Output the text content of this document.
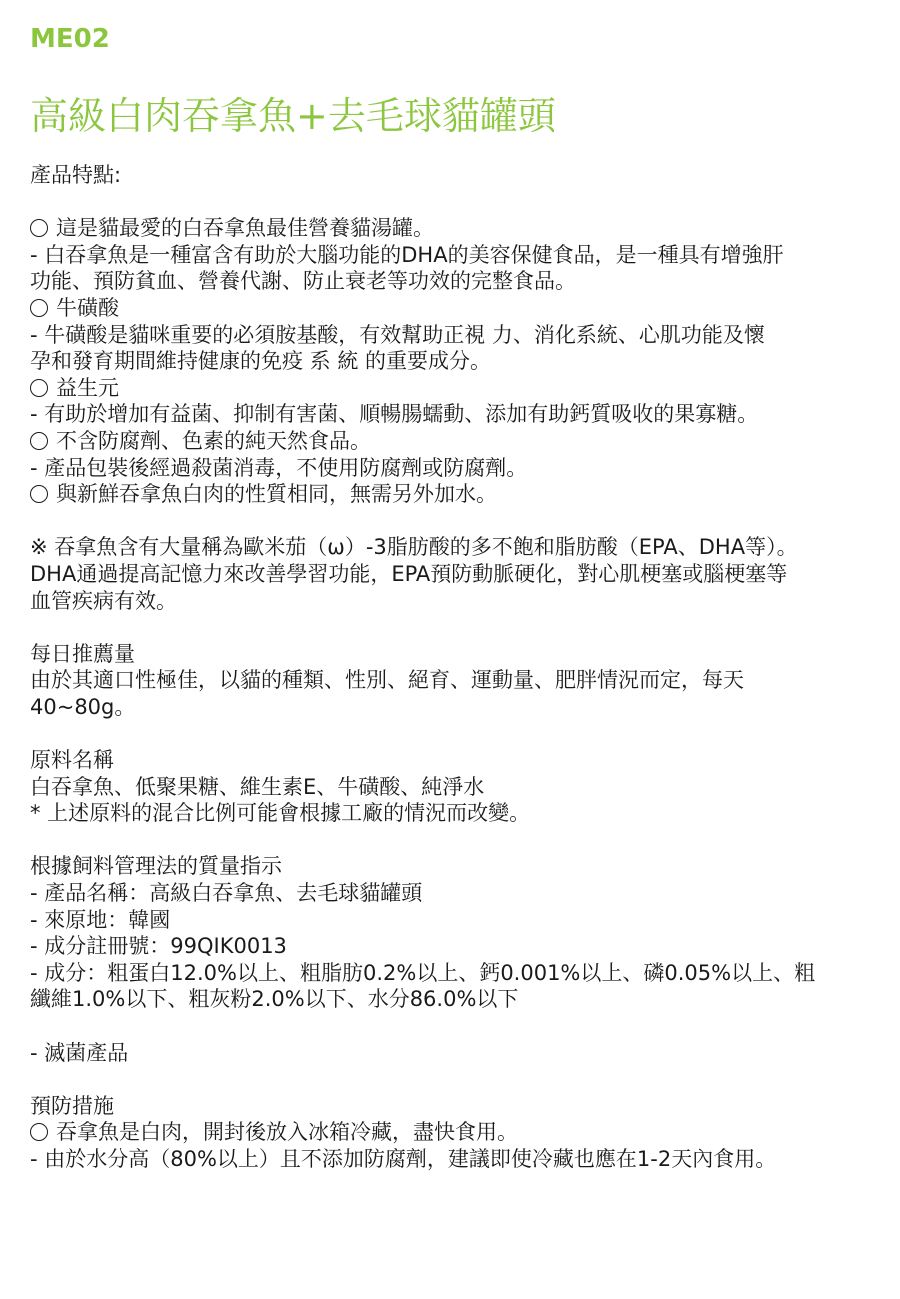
ME02
高級白肉吞拿魚+去毛球貓罐頭
產品特點:
這是貓最愛的白吞拿魚最佳營養貓湯罐。
- 白吞拿魚是一種富含有助於大腦功能的DHA的美容保健食品，是一種具有增強肝
功能、預防貧血、營養代謝、防止衰老等功效的完整食品。
牛磺酸
- 牛磺酸是貓咪重要的必須胺基酸，有效幫助正視 力、消化系統、心肌功能及懷
孕和發育期間維持健康的免疫 系 統 的重要成分。
益生元
- 有助於增加有益菌、抑制有害菌、順暢腸蠕動、添加有助鈣質吸收的果寡糖。
不含防腐劑、色素的純天然食品。
- 產品包裝後經過殺菌消毒，不使用防腐劑或防腐劑。
與新鮮吞拿魚白肉的性質相同，無需另外加水。
※ 吞拿魚含有大量稱為歐米茄（ω）-3脂肪酸的多不飽和脂肪酸（EPA、DHA等）。
DHA通過提高記憶力來改善學習功能，EPA預防動脈硬化，對心肌梗塞或腦梗塞等
血管疾病有效。
每日推薦量
由於其適口性極佳，以貓的種類、性別、絕育、運動量、肥胖情況而定，每天
40~80g。
原料名稱
白吞拿魚、低聚果糖、維生素E、牛磺酸、純淨水
* 上述原料的混合比例可能會根據工廠的情況而改變。
根據飼料管理法的質量指示
- 產品名稱：高級白吞拿魚、去毛球貓罐頭
- 來原地：韓國
- 成分註冊號：99QIK0013
- 成分：粗蛋白12.0%以上、粗脂肪0.2%以上、鈣0.001%以上、磷0.05%以上、粗
纖維1.0%以下、粗灰粉2.0%以下、水分86.0%以下
- 滅菌產品
預防措施
吞拿魚是白肉，開封後放入冰箱冷藏，盡快食用。
- 由於水分高（80%以上）且不添加防腐劑，建議即使冷藏也應在1-2天內食用。
